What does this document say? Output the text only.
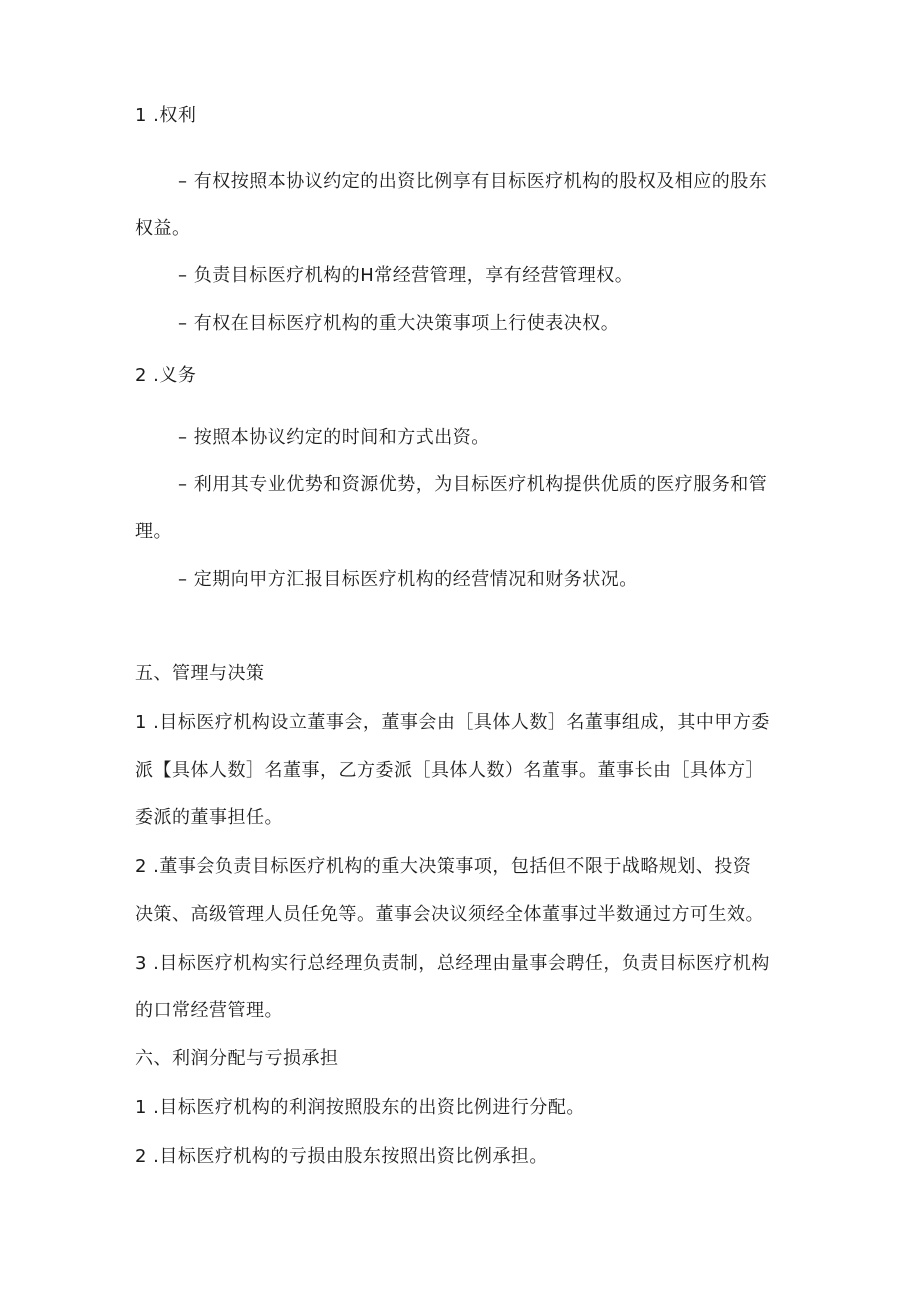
1 .权利
– 有权按照本协议约定的出资比例享有目标医疗机构的股权及相应的股东
权益。
– 负责目标医疗机构的H常经营管理，享有经营管理权。
– 有权在目标医疗机构的重大决策事项上行使表决权。
2 .义务
– 按照本协议约定的时间和方式出资。
– 利用其专业优势和资源优势，为目标医疗机构提供优质的医疗服务和管
理。
– 定期向甲方汇报目标医疗机构的经营情况和财务状况。
五、管理与决策
1 .目标医疗机构设立董事会，董事会由［具体人数］名董事组成，其中甲方委
派【具体人数］名董事，乙方委派［具体人数）名董事。董事长由［具体方］
委派的董事担任。
2 .董事会负责目标医疗机构的重大决策事项，包括但不限于战略规划、投资
决策、高级管理人员任免等。董事会决议须经全体董事过半数通过方可生效。
3 .目标医疗机构实行总经理负责制，总经理由量事会聘任，负责目标医疗机构
的口常经营管理。
六、利润分配与亏损承担
1 .目标医疗机构的利润按照股东的出资比例进行分配。
2 .目标医疗机构的亏损由股东按照出资比例承担。
